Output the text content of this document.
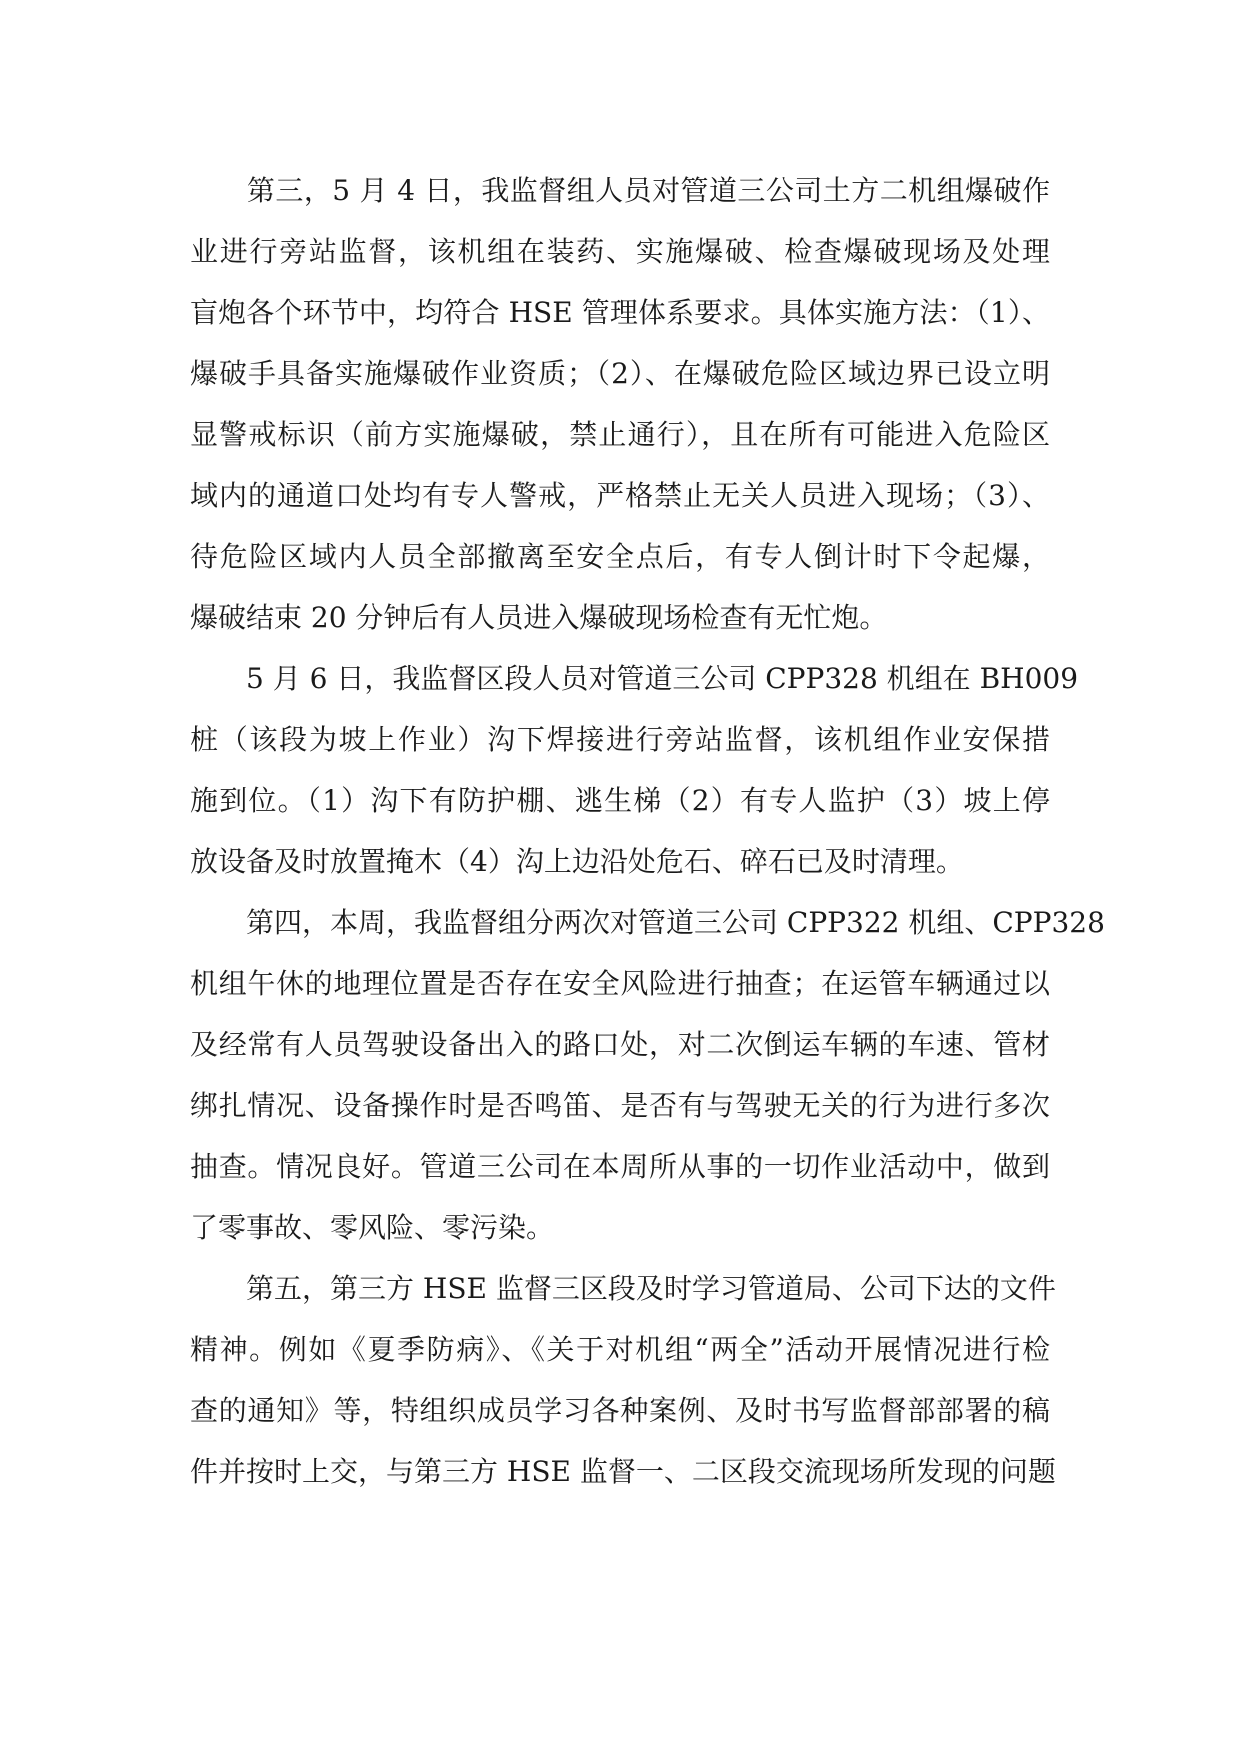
　　第三，5 月 4 日，我监督组人员对管道三公司土方二机组爆破作
业进行旁站监督，该机组在装药、实施爆破、检查爆破现场及处理
盲炮各个环节中，均符合 HSE 管理体系要求。具体实施方法：（1）、
爆破手具备实施爆破作业资质；（2）、在爆破危险区域边界已设立明
显警戒标识（前方实施爆破，禁止通行），且在所有可能进入危险区
域内的通道口处均有专人警戒，严格禁止无关人员进入现场；（3）、
待危险区域内人员全部撤离至安全点后，有专人倒计时下令起爆，
爆破结束 20 分钟后有人员进入爆破现场检查有无忙炮。
　　5 月 6 日，我监督区段人员对管道三公司 CPP328 机组在 BH009
桩（该段为坡上作业）沟下焊接进行旁站监督，该机组作业安保措
施到位。（1）沟下有防护棚、逃生梯（2）有专人监护（3）坡上停
放设备及时放置掩木（4）沟上边沿处危石、碎石已及时清理。
　　第四，本周，我监督组分两次对管道三公司 CPP322 机组、CPP328
机组午休的地理位置是否存在安全风险进行抽查；在运管车辆通过以
及经常有人员驾驶设备出入的路口处，对二次倒运车辆的车速、管材
绑扎情况、设备操作时是否鸣笛、是否有与驾驶无关的行为进行多次
抽查。情况良好。管道三公司在本周所从事的一切作业活动中，做到
了零事故、零风险、零污染。
　　第五，第三方 HSE 监督三区段及时学习管道局、公司下达的文件
精神。例如《夏季防病》、《关于对机组“两全”活动开展情况进行检
查的通知》等，特组织成员学习各种案例、及时书写监督部部署的稿
件并按时上交，与第三方 HSE 监督一、二区段交流现场所发现的问题
